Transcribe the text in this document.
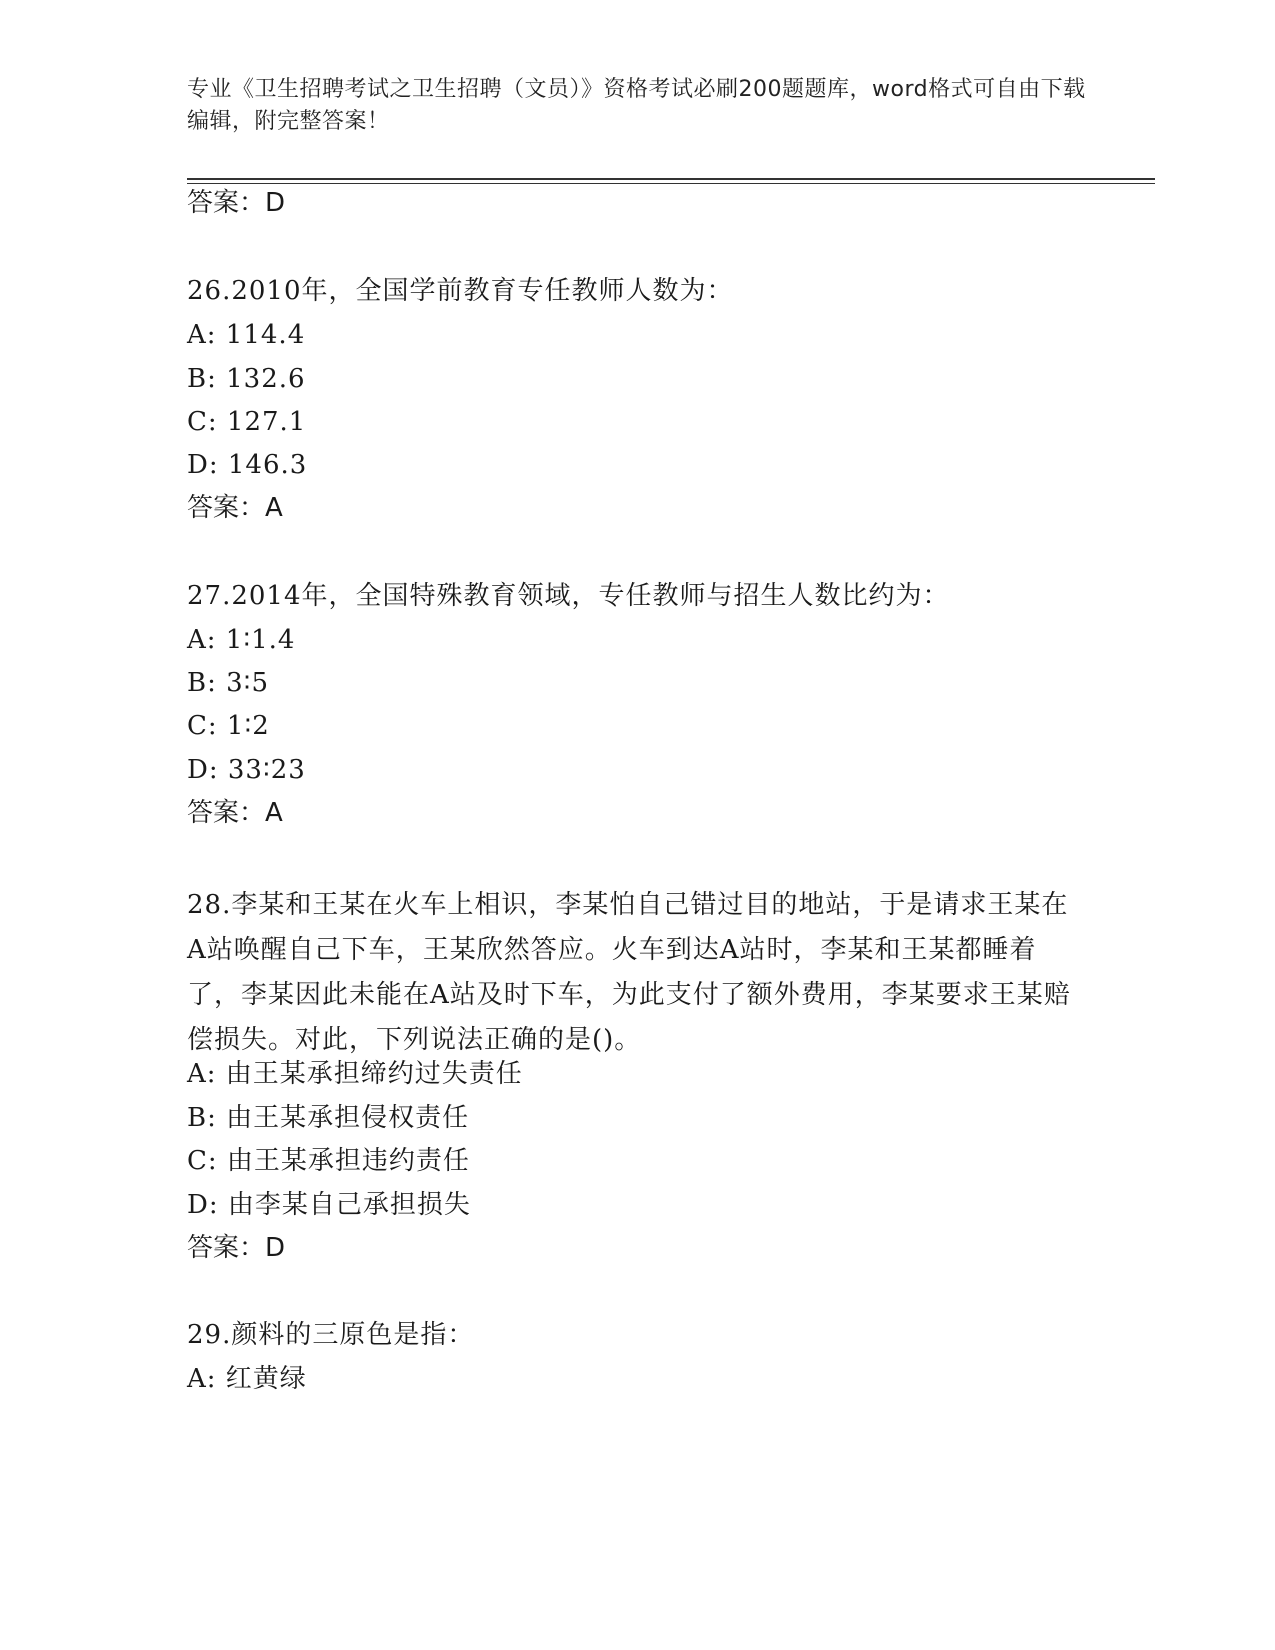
专业《卫生招聘考试之卫生招聘（文员）》资格考试必刷200题题库，word格式可自由下载编辑，附完整答案！
答案：D
26.2010年，全国学前教育专任教师人数为：
A: 114.4
B: 132.6
C: 127.1
D: 146.3
答案：A
27.2014年，全国特殊教育领域，专任教师与招生人数比约为：
A: 1∶1.4
B: 3∶5
C: 1∶2
D: 33∶23
答案：A
28.李某和王某在火车上相识，李某怕自己错过目的地站，于是请求王某在A站唤醒自己下车，王某欣然答应。火车到达A站时，李某和王某都睡着了，李某因此未能在A站及时下车，为此支付了额外费用，李某要求王某赔偿损失。对此，下列说法正确的是()。
A: 由王某承担缔约过失责任
B: 由王某承担侵权责任
C: 由王某承担违约责任
D: 由李某自己承担损失
答案：D
29.颜料的三原色是指：
A: 红黄绿
